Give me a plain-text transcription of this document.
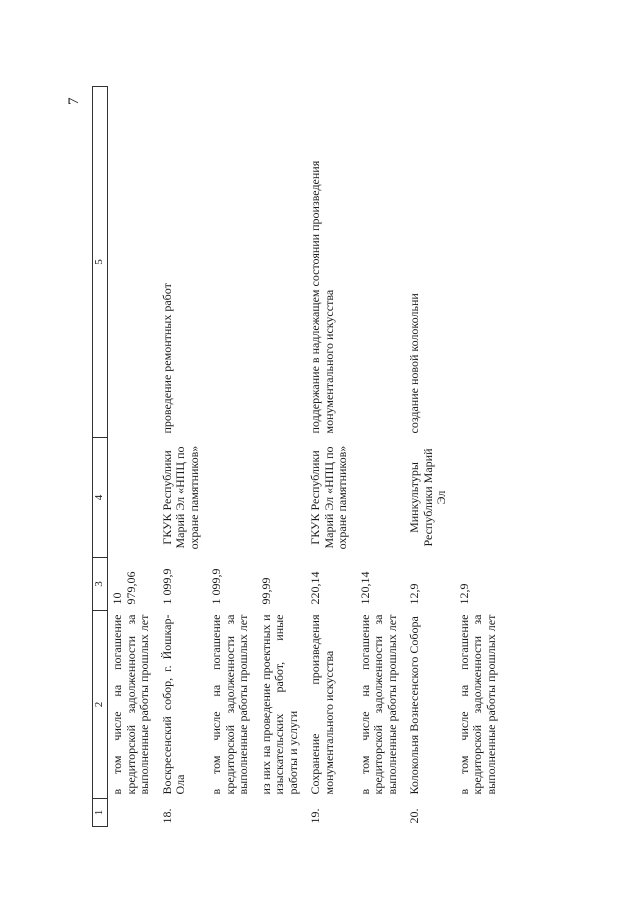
7
1	2	3	4	5
	в том числе на погашение кредиторской задолженности за выполненные работы прошлых лет	10 979,06		
18.	Воскресенский собор, г. Йошкар-Ола	1 099,9	ГКУК Республики Марий Эл «НПЦ по охране памятников»	проведение ремонтных работ
	в том числе на погашение кредиторской задолженности за выполненные работы прошлых лет	1 099,9		
	из них на проведение проектных и изыскательских работ, иные работы и услуги	99,99		
19.	Сохранение произведения монументального искусства	220,14	ГКУК Республики Марий Эл «НПЦ по охране памятников»	поддержание в надлежащем состоянии произведения монументального искусства
	в том числе на погашение кредиторской задолженности за выполненные работы прошлых лет	120,14		
20.	Колокольня Вознесенского Собора	12,9	Минкультуры Республики Марий Эл	создание новой колокольни
	в том числе на погашение кредиторской задолженности за выполненные работы прошлых лет	12,9		
